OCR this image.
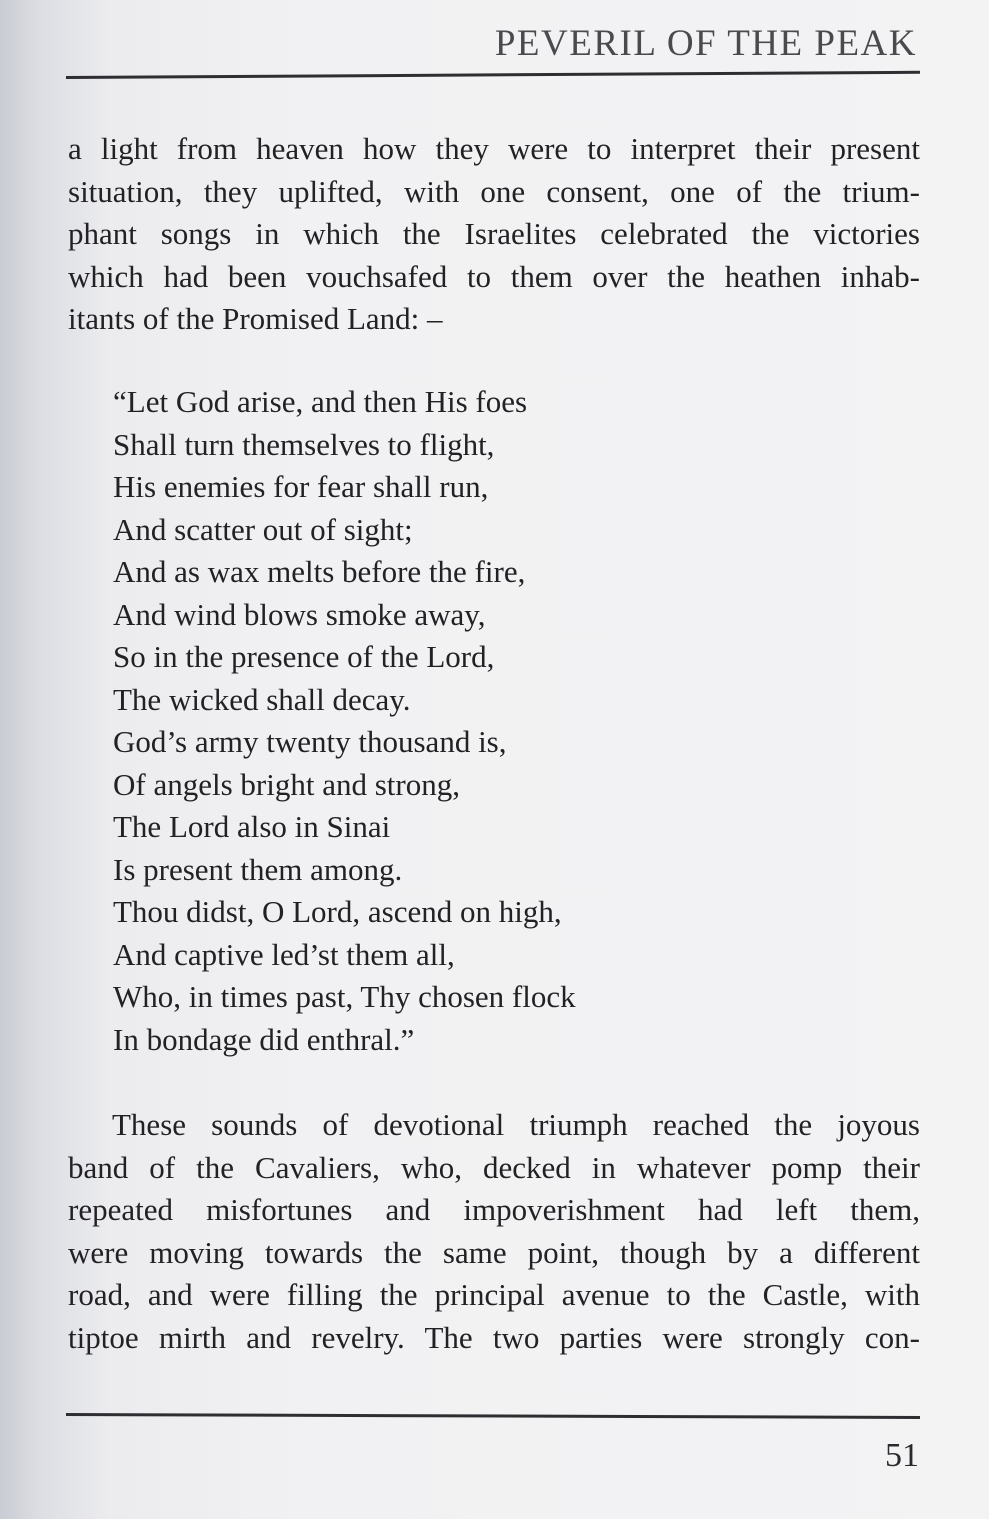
PEVERIL OF THE PEAK
a light from heaven how they were to interpret their present
situation, they uplifted, with one consent, one of the trium-
phant songs in which the Israelites celebrated the victories
which had been vouchsafed to them over the heathen inhab-
itants of the Promised Land: –
“Let God arise, and then His foes
Shall turn themselves to flight,
His enemies for fear shall run,
And scatter out of sight;
And as wax melts before the fire,
And wind blows smoke away,
So in the presence of the Lord,
The wicked shall decay.
God’s army twenty thousand is,
Of angels bright and strong,
The Lord also in Sinai
Is present them among.
Thou didst, O Lord, ascend on high,
And captive led’st them all,
Who, in times past, Thy chosen flock
In bondage did enthral.”
These sounds of devotional triumph reached the joyous
band of the Cavaliers, who, decked in whatever pomp their
repeated misfortunes and impoverishment had left them,
were moving towards the same point, though by a different
road, and were filling the principal avenue to the Castle, with
tiptoe mirth and revelry. The two parties were strongly con-
51
